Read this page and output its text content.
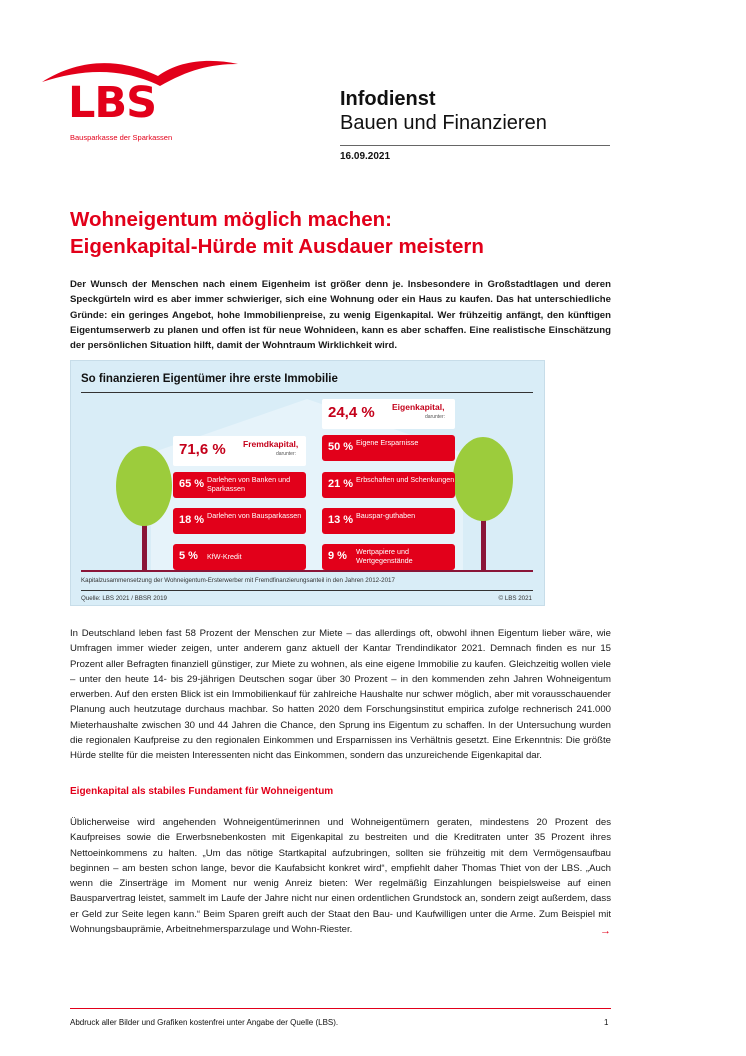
LBS
Bausparkasse der Sparkassen
Infodienst
Bauen und Finanzieren
16.09.2021
Wohneigentum möglich machen:
Eigenkapital-Hürde mit Ausdauer meistern
Der Wunsch der Menschen nach einem Eigenheim ist größer denn je. Insbesondere in Großstadtlagen und deren Speckgürteln wird es aber immer schwieriger, sich eine Wohnung oder ein Haus zu kaufen. Das hat unterschiedliche Gründe: ein geringes Angebot, hohe Immobilienpreise, zu wenig Eigenkapital. Wer frühzeitig anfängt, den künftigen Eigentumserwerb zu planen und offen ist für neue Wohnideen, kann es aber schaffen. Eine realistische Einschätzung der persönlichen Situation hilft, damit der Wohntraum Wirklichkeit wird.
So finanzieren Eigentümer ihre erste Immobilie
71,6 % Fremdkapital,
darunter:
65 % Darlehen von Banken und Sparkassen
18 % Darlehen von Bausparkassen
5 % KfW-Kredit
24,4 % Eigenkapital,
darunter:
50 % Eigene Ersparnisse
21 % Erbschaften und Schenkungen
13 % Bauspar-guthaben
9 % Wertpapiere und Wertgegenstände
Kapitalzusammensetzung der Wohneigentum-Ersterwerber mit Fremdfinanzierungsanteil in den Jahren 2012-2017
Quelle: LBS 2021 / BBSR 2019	© LBS 2021
In Deutschland leben fast 58 Prozent der Menschen zur Miete – das allerdings oft, obwohl ihnen Eigentum lieber wäre, wie Umfragen immer wieder zeigen, unter anderem ganz aktuell der Kantar Trendindikator 2021. Demnach finden es nur 15 Prozent aller Befragten finanziell günstiger, zur Miete zu wohnen, als eine eigene Immobilie zu kaufen. Gleichzeitig wollen viele – unter den heute 14- bis 29-jährigen Deutschen sogar über 30 Prozent – in den kommenden zehn Jahren Wohneigentum erwerben. Auf den ersten Blick ist ein Immobilienkauf für zahlreiche Haushalte nur schwer möglich, aber mit vorausschauender Planung auch heutzutage durchaus machbar. So hatten 2020 dem Forschungsinstitut empirica zufolge rechnerisch 241.000 Mieterhaushalte zwischen 30 und 44 Jahren die Chance, den Sprung ins Eigentum zu schaffen. In der Untersuchung wurden die regionalen Kaufpreise zu den regionalen Einkommen und Ersparnissen ins Verhältnis gesetzt. Eine Erkenntnis: Die größte Hürde stellte für die meisten Interessenten nicht das Einkommen, sondern das unzureichende Eigenkapital dar.
Eigenkapital als stabiles Fundament für Wohneigentum
Üblicherweise wird angehenden Wohneigentümerinnen und Wohneigentümern geraten, mindestens 20 Prozent des Kaufpreises sowie die Erwerbsnebenkosten mit Eigenkapital zu bestreiten und die Kreditraten unter 35 Prozent ihres Nettoeinkommens zu halten. „Um das nötige Startkapital aufzubringen, sollten sie frühzeitig mit dem Vermögensaufbau beginnen – am besten schon lange, bevor die Kaufabsicht konkret wird“, empfiehlt daher Thomas Thiet von der LBS. „Auch wenn die Zinserträge im Moment nur wenig Anreiz bieten: Wer regelmäßig Einzahlungen beispielsweise auf einen Bausparvertrag leistet, sammelt im Laufe der Jahre nicht nur einen ordentlichen Grundstock an, sondern zeigt außerdem, dass er Geld zur Seite legen kann.“ Beim Sparen greift auch der Staat den Bau- und Kaufwilligen unter die Arme. Zum Beispiel mit Wohnungsbauprämie, Arbeitnehmersparzulage und Wohn-Riester.	→
Abdruck aller Bilder und Grafiken kostenfrei unter Angabe der Quelle (LBS).	1
